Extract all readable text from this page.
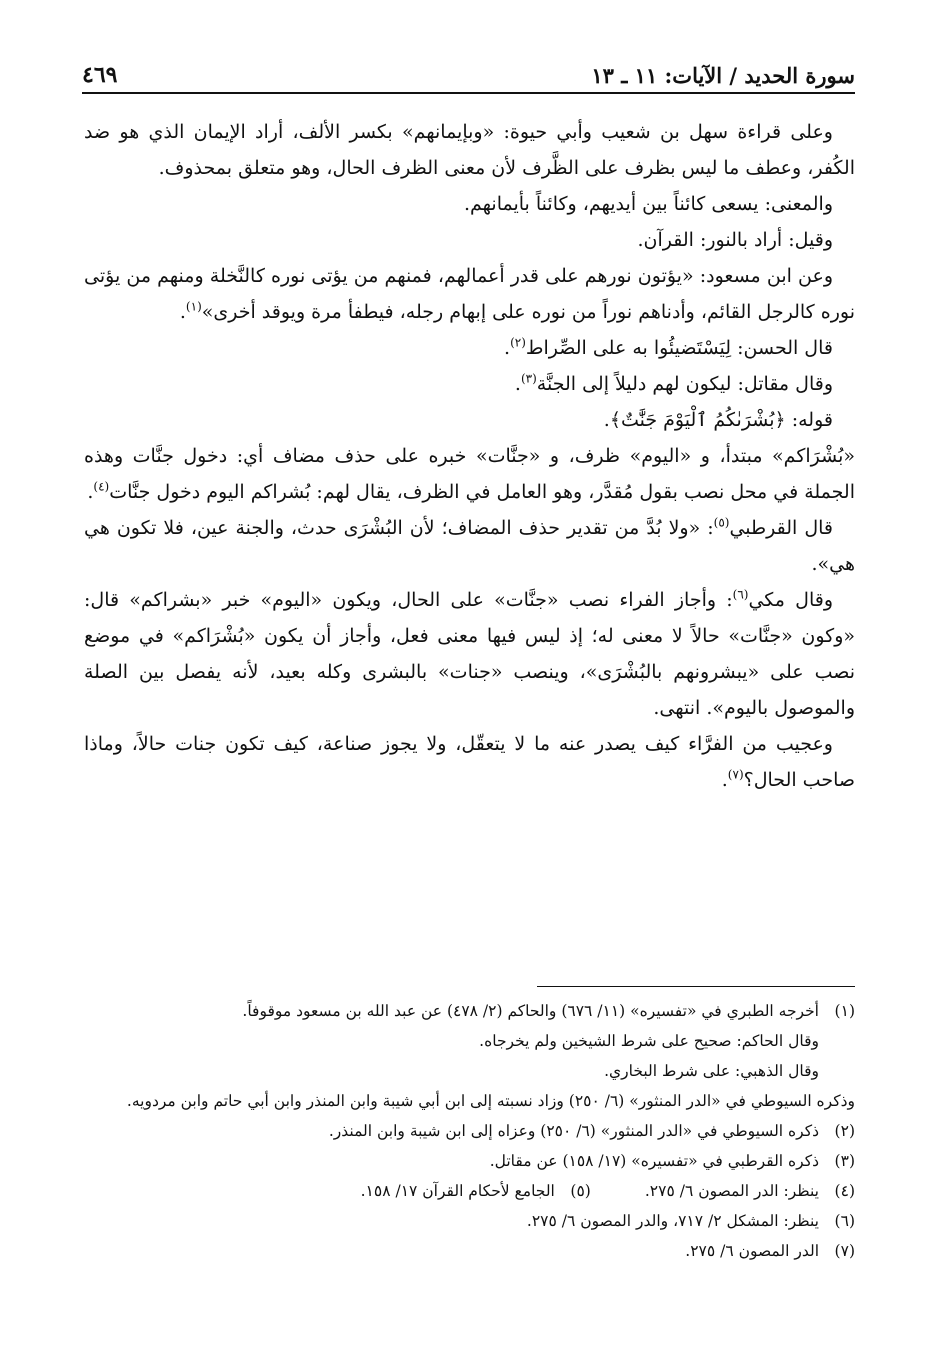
سورة الحديد / الآيات: ١١ ـ ١٣
٤٦٩

وعلى قراءة سهل بن شعيب وأبي حيوة: «وبإيمانهم» بكسر الألف، أراد الإيمان الذي هو ضد الكُفر، وعطف ما ليس بظرف على الظَّرف لأن معنى الظرف الحال، وهو متعلق بمحذوف.

والمعنى: يسعى كائناً بين أيديهم، وكائناً بأيمانهم.

وقيل: أراد بالنور: القرآن.

وعن ابن مسعود: «يؤتون نورهم على قدر أعمالهم، فمنهم من يؤتى نوره كالنَّخلة ومنهم من يؤتى نوره كالرجل القائم، وأدناهم نوراً من نوره على إبهام رجله، فيطفأ مرة ويوقد أخرى»$^{(١)}$.

قال الحسن: لِيَسْتَضيئُوا به على الصِّراط$^{(٢)}$.

وقال مقاتل: ليكون لهم دليلاً إلى الجنَّة$^{(٣)}$.

قوله: ﴿بُشْرَىٰكُمُ ٱلْيَوْمَ جَنَّٰتٌ﴾.

«بُشْرَاكم» مبتدأ، و «اليوم» ظرف، و «جنَّات» خبره على حذف مضاف أي: دخول جنَّات وهذه الجملة في محل نصب بقول مُقدَّر، وهو العامل في الظرف، يقال لهم: بُشراكم اليوم دخول جنَّات$^{(٤)}$.

قال القرطبي$^{(٥)}$: «ولا بُدَّ من تقدير حذف المضاف؛ لأن البُشْرَى حدث، والجنة عين، فلا تكون هي هي».

وقال مكي$^{(٦)}$: وأجاز الفراء نصب «جنَّات» على الحال، ويكون «اليوم» خبر «بشراكم» قال: «وكون «جنَّات» حالاً لا معنى له؛ إذ ليس فيها معنى فعل، وأجاز أن يكون «بُشْرَاكم» في موضع نصب على «يبشرونهم بالبُشْرَى»، وينصب «جنات» بالبشرى وكله بعيد، لأنه يفصل بين الصلة والموصول باليوم». انتهى.

وعجيب من الفرَّاء كيف يصدر عنه ما لا يتعقّل، ولا يجوز صناعة، كيف تكون جنات حالاً، وماذا صاحب الحال؟$^{(٧)}$.

(١)
أخرجه الطبري في «تفسيره» (١١/ ٦٧٦) والحاكم (٢/ ٤٧٨) عن عبد الله بن مسعود موقوفاً.
وقال الحاكم: صحيح على شرط الشيخين ولم يخرجاه.
وقال الذهبي: على شرط البخاري.
وذكره السيوطي في «الدر المنثور» (٦/ ٢٥٠) وزاد نسبته إلى ابن أبي شيبة وابن المنذر وابن أبي حاتم وابن مردويه.
(٢)
ذكره السيوطي في «الدر المنثور» (٦/ ٢٥٠) وعزاه إلى ابن شيبة وابن المنذر.
(٣)
ذكره القرطبي في «تفسيره» (١٧/ ١٥٨) عن مقاتل.
(٤)
ينظر: الدر المصون ٦/ ٢٧٥.
(٥)
الجامع لأحكام القرآن ١٧/ ١٥٨.
(٦)
ينظر: المشكل ٢/ ٧١٧، والدر المصون ٦/ ٢٧٥.
(٧)
الدر المصون ٦/ ٢٧٥.
